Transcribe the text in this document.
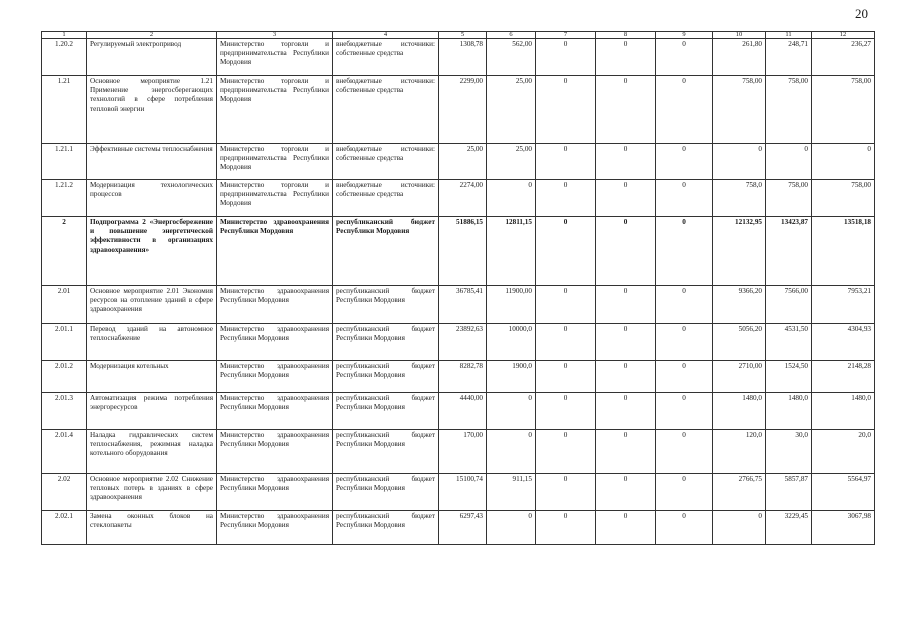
20
1	2	3	4	5	6	7	8	9	10	11	12
1.20.2	Регулируемый электропривод	Министерство торговли и предпринимательства Республики Мордовия	внебюджетные источники: собственные средства	1308,78	562,00	0	0	0	261,80	248,71	236,27
1.21	Основное мероприятие 1.21 Применение энергосберегающих технологий в сфере потребления тепловой энергии	Министерство торговли и предпринимательства Республики Мордовия	внебюджетные источники: собственные средства	2299,00	25,00	0	0	0	758,00	758,00	758,00
1.21.1	Эффективные системы теплоснабжения	Министерство торговли и предпринимательства Республики Мордовия	внебюджетные источники: собственные средства	25,00	25,00	0	0	0	0	0	0
1.21.2	Модернизация технологических процессов	Министерство торговли и предпринимательства Республики Мордовия	внебюджетные источники: собственные средства	2274,00	0	0	0	0	758,0	758,00	758,00
2	Подпрограмма 2 «Энергосбережение и повышение энергетической эффективности в организациях здравоохранения»	Министерство здравоохранения Республики Мордовия	республиканский бюджет Республики Мордовия	51886,15	12811,15	0	0	0	12132,95	13423,87	13518,18
2.01	Основное мероприятие 2.01 Экономия ресурсов на отопление зданий в сфере здравоохранения	Министерство здравоохранения Республики Мордовия	республиканский бюджет Республики Мордовия	36785,41	11900,00	0	0	0	9366,20	7566,00	7953,21
2.01.1	Перевод зданий на автономное теплоснабжение	Министерство здравоохранения Республики Мордовия	республиканский бюджет Республики Мордовия	23892,63	10000,0	0	0	0	5056,20	4531,50	4304,93
2.01.2	Модернизация котельных	Министерство здравоохранения Республики Мордовия	республиканский бюджет Республики Мордовия	8282,78	1900,0	0	0	0	2710,00	1524,50	2148,28
2.01.3	Автоматизация режима потребления энергоресурсов	Министерство здравоохранения Республики Мордовия	республиканский бюджет Республики Мордовия	4440,00	0	0	0	0	1480,0	1480,0	1480,0
2.01.4	Наладка гидравлических систем теплоснабжения, режимная наладка котельного оборудования	Министерство здравоохранения Республики Мордовия	республиканский бюджет Республики Мордовия	170,00	0	0	0	0	120,0	30,0	20,0
2.02	Основное мероприятие 2.02 Снижение тепловых потерь в зданиях в сфере здравоохранения	Министерство здравоохранения Республики Мордовия	республиканский бюджет Республики Мордовия	15100,74	911,15	0	0	0	2766,75	5857,87	5564,97
2.02.1	Замена оконных блоков на стеклопакеты	Министерство здравоохранения Республики Мордовия	республиканский бюджет Республики Мордовия	6297,43	0	0	0	0	0	3229,45	3067,98
